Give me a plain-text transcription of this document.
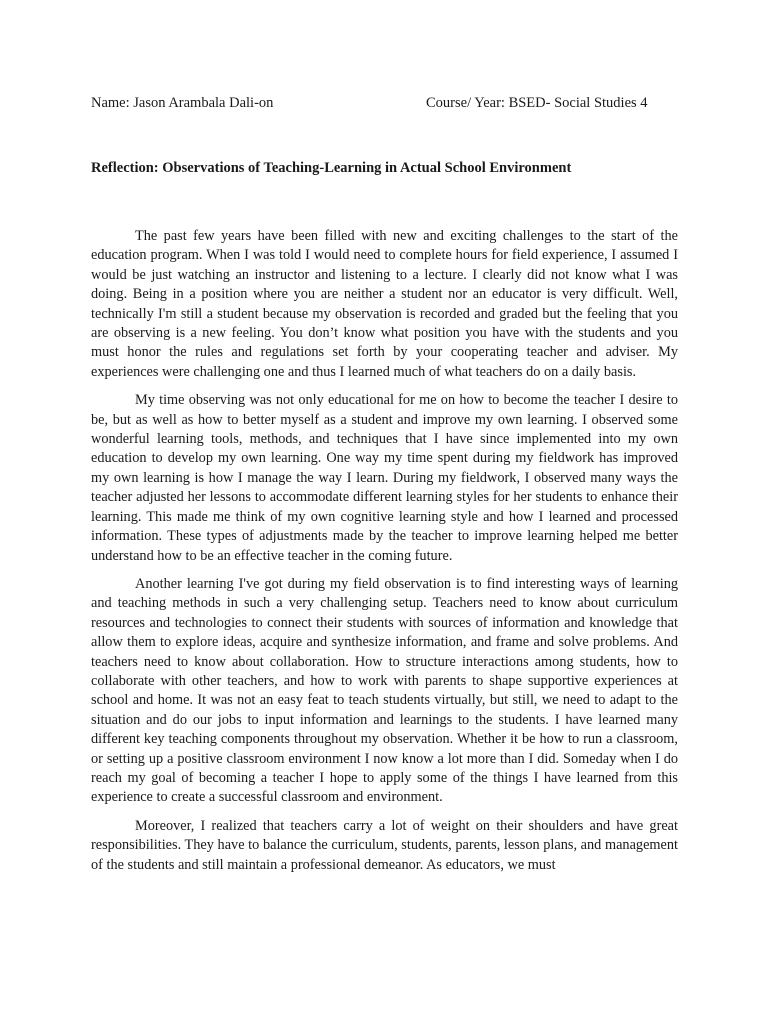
Name: Jason Arambala Dali-on	Course/ Year: BSED- Social Studies 4
Reflection: Observations of Teaching-Learning in Actual School Environment

The past few years have been filled with new and exciting challenges to the start of the education program. When I was told I would need to complete hours for field experience, I assumed I would be just watching an instructor and listening to a lecture. I clearly did not know what I was doing. Being in a position where you are neither a student nor an educator is very difficult. Well, technically I'm still a student because my observation is recorded and graded but the feeling that you are observing is a new feeling. You don’t know what position you have with the students and you must honor the rules and regulations set forth by your cooperating teacher and adviser. My experiences were challenging one and thus I learned much of what teachers do on a daily basis.

My time observing was not only educational for me on how to become the teacher I desire to be, but as well as how to better myself as a student and improve my own learning. I observed some wonderful learning tools, methods, and techniques that I have since implemented into my own education to develop my own learning. One way my time spent during my fieldwork has improved my own learning is how I manage the way I learn. During my fieldwork, I observed many ways the teacher adjusted her lessons to accommodate different learning styles for her students to enhance their learning. This made me think of my own cognitive learning style and how I learned and processed information. These types of adjustments made by the teacher to improve learning helped me better understand how to be an effective teacher in the coming future.

Another learning I've got during my field observation is to find interesting ways of learning and teaching methods in such a very challenging setup. Teachers need to know about curriculum resources and technologies to connect their students with sources of information and knowledge that allow them to explore ideas, acquire and synthesize information, and frame and solve problems. And teachers need to know about collaboration. How to structure interactions among students, how to collaborate with other teachers, and how to work with parents to shape supportive experiences at school and home. It was not an easy feat to teach students virtually, but still, we need to adapt to the situation and do our jobs to input information and learnings to the students. I have learned many different key teaching components throughout my observation. Whether it be how to run a classroom, or setting up a positive classroom environment I now know a lot more than I did. Someday when I do reach my goal of becoming a teacher I hope to apply some of the things I have learned from this experience to create a successful classroom and environment.

Moreover, I realized that teachers carry a lot of weight on their shoulders and have great responsibilities. They have to balance the curriculum, students, parents, lesson plans, and management of the students and still maintain a professional demeanor. As educators, we must
